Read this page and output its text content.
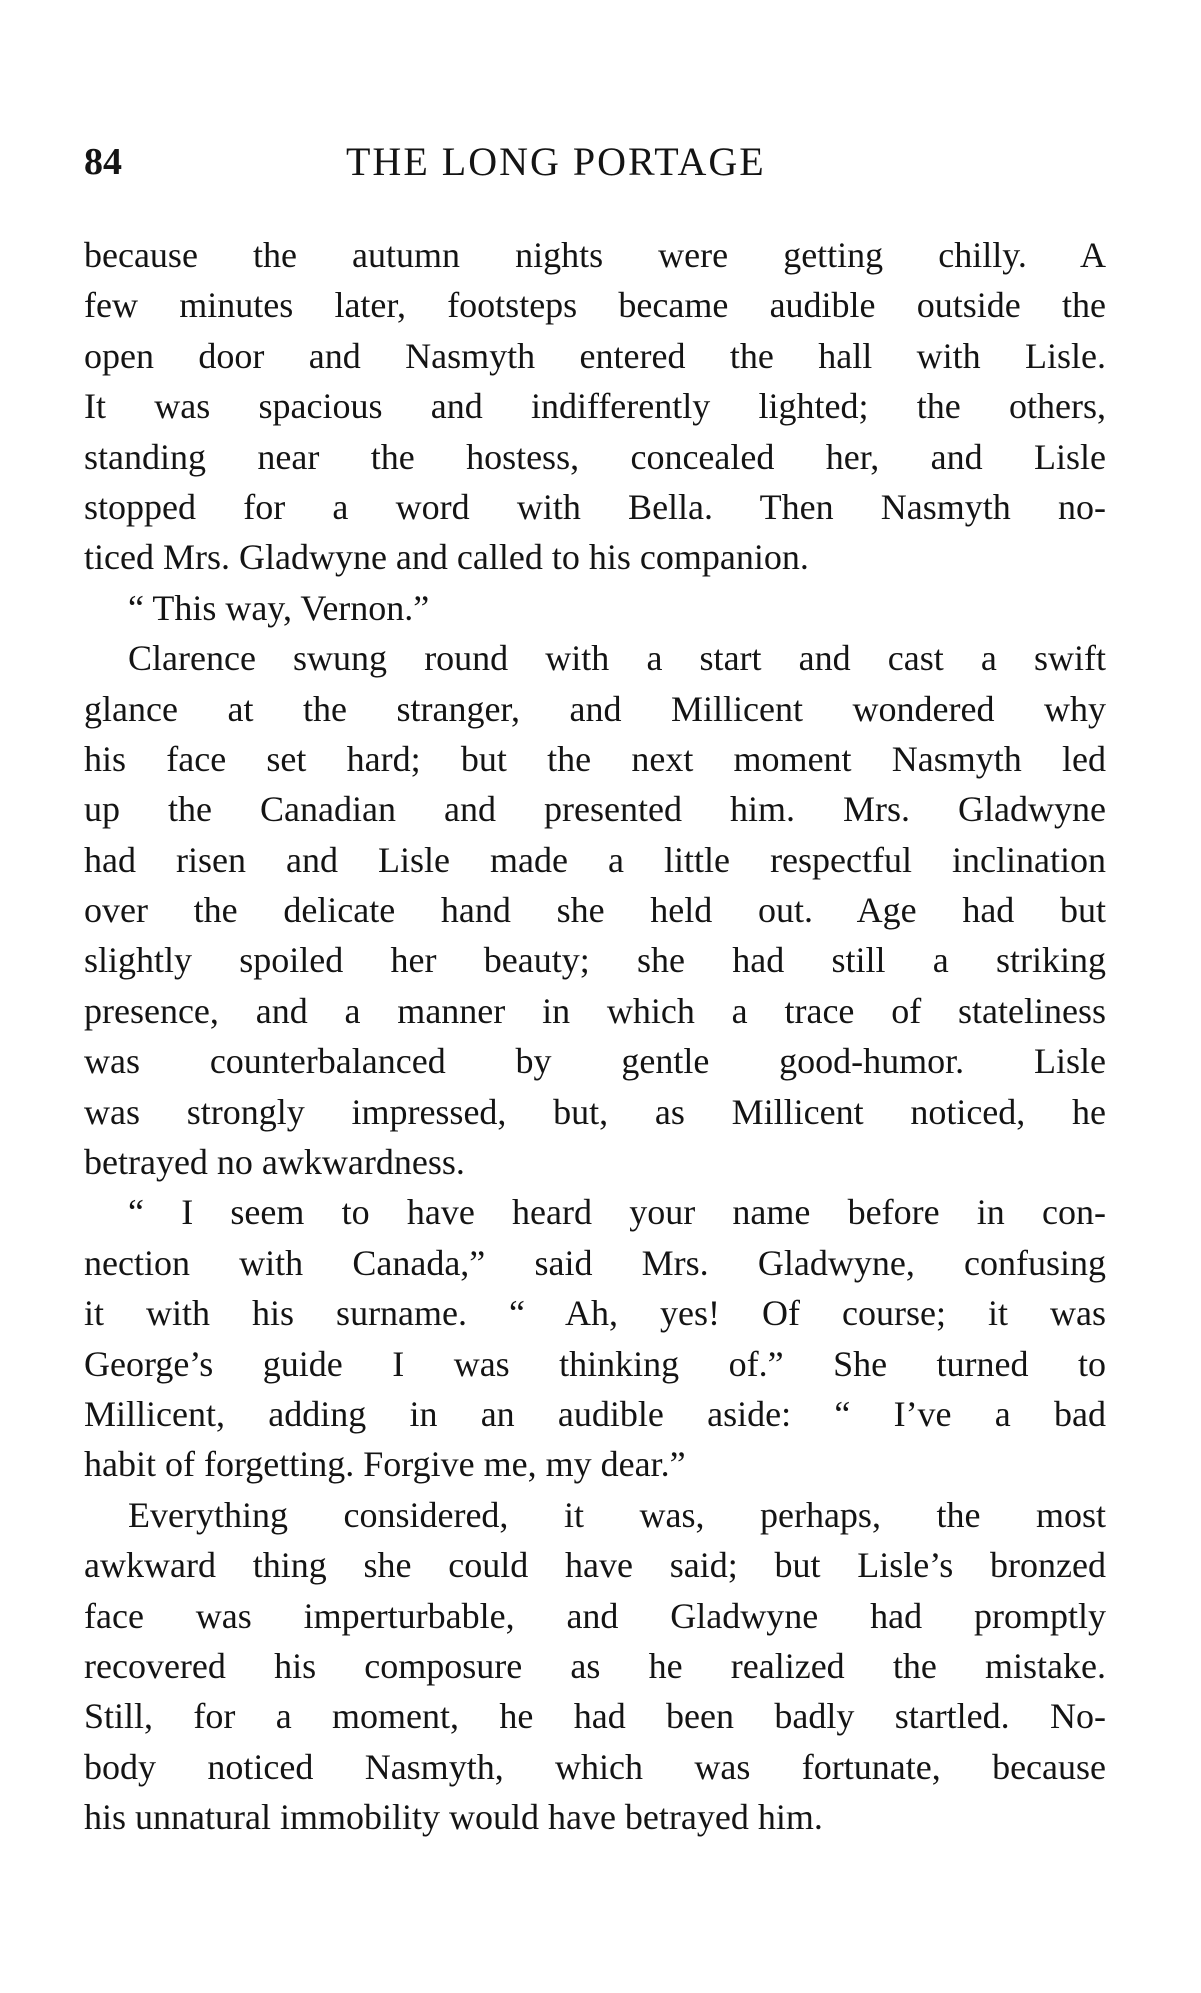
84	THE LONG PORTAGE
because the autumn nights were getting chilly. A
few minutes later, footsteps became audible outside the
open door and Nasmyth entered the hall with Lisle.
It was spacious and indifferently lighted; the others,
standing near the hostess, concealed her, and Lisle
stopped for a word with Bella. Then Nasmyth no-
ticed Mrs. Gladwyne and called to his companion.
“ This way, Vernon.”
Clarence swung round with a start and cast a swift
glance at the stranger, and Millicent wondered why
his face set hard; but the next moment Nasmyth led
up the Canadian and presented him. Mrs. Gladwyne
had risen and Lisle made a little respectful inclination
over the delicate hand she held out. Age had but
slightly spoiled her beauty; she had still a striking
presence, and a manner in which a trace of stateliness
was counterbalanced by gentle good-humor. Lisle
was strongly impressed, but, as Millicent noticed, he
betrayed no awkwardness.
“ I seem to have heard your name before in con-
nection with Canada,” said Mrs. Gladwyne, confusing
it with his surname. “ Ah, yes! Of course; it was
George’s guide I was thinking of.” She turned to
Millicent, adding in an audible aside: “ I’ve a bad
habit of forgetting. Forgive me, my dear.”
Everything considered, it was, perhaps, the most
awkward thing she could have said; but Lisle’s bronzed
face was imperturbable, and Gladwyne had promptly
recovered his composure as he realized the mistake.
Still, for a moment, he had been badly startled. No-
body noticed Nasmyth, which was fortunate, because
his unnatural immobility would have betrayed him.
